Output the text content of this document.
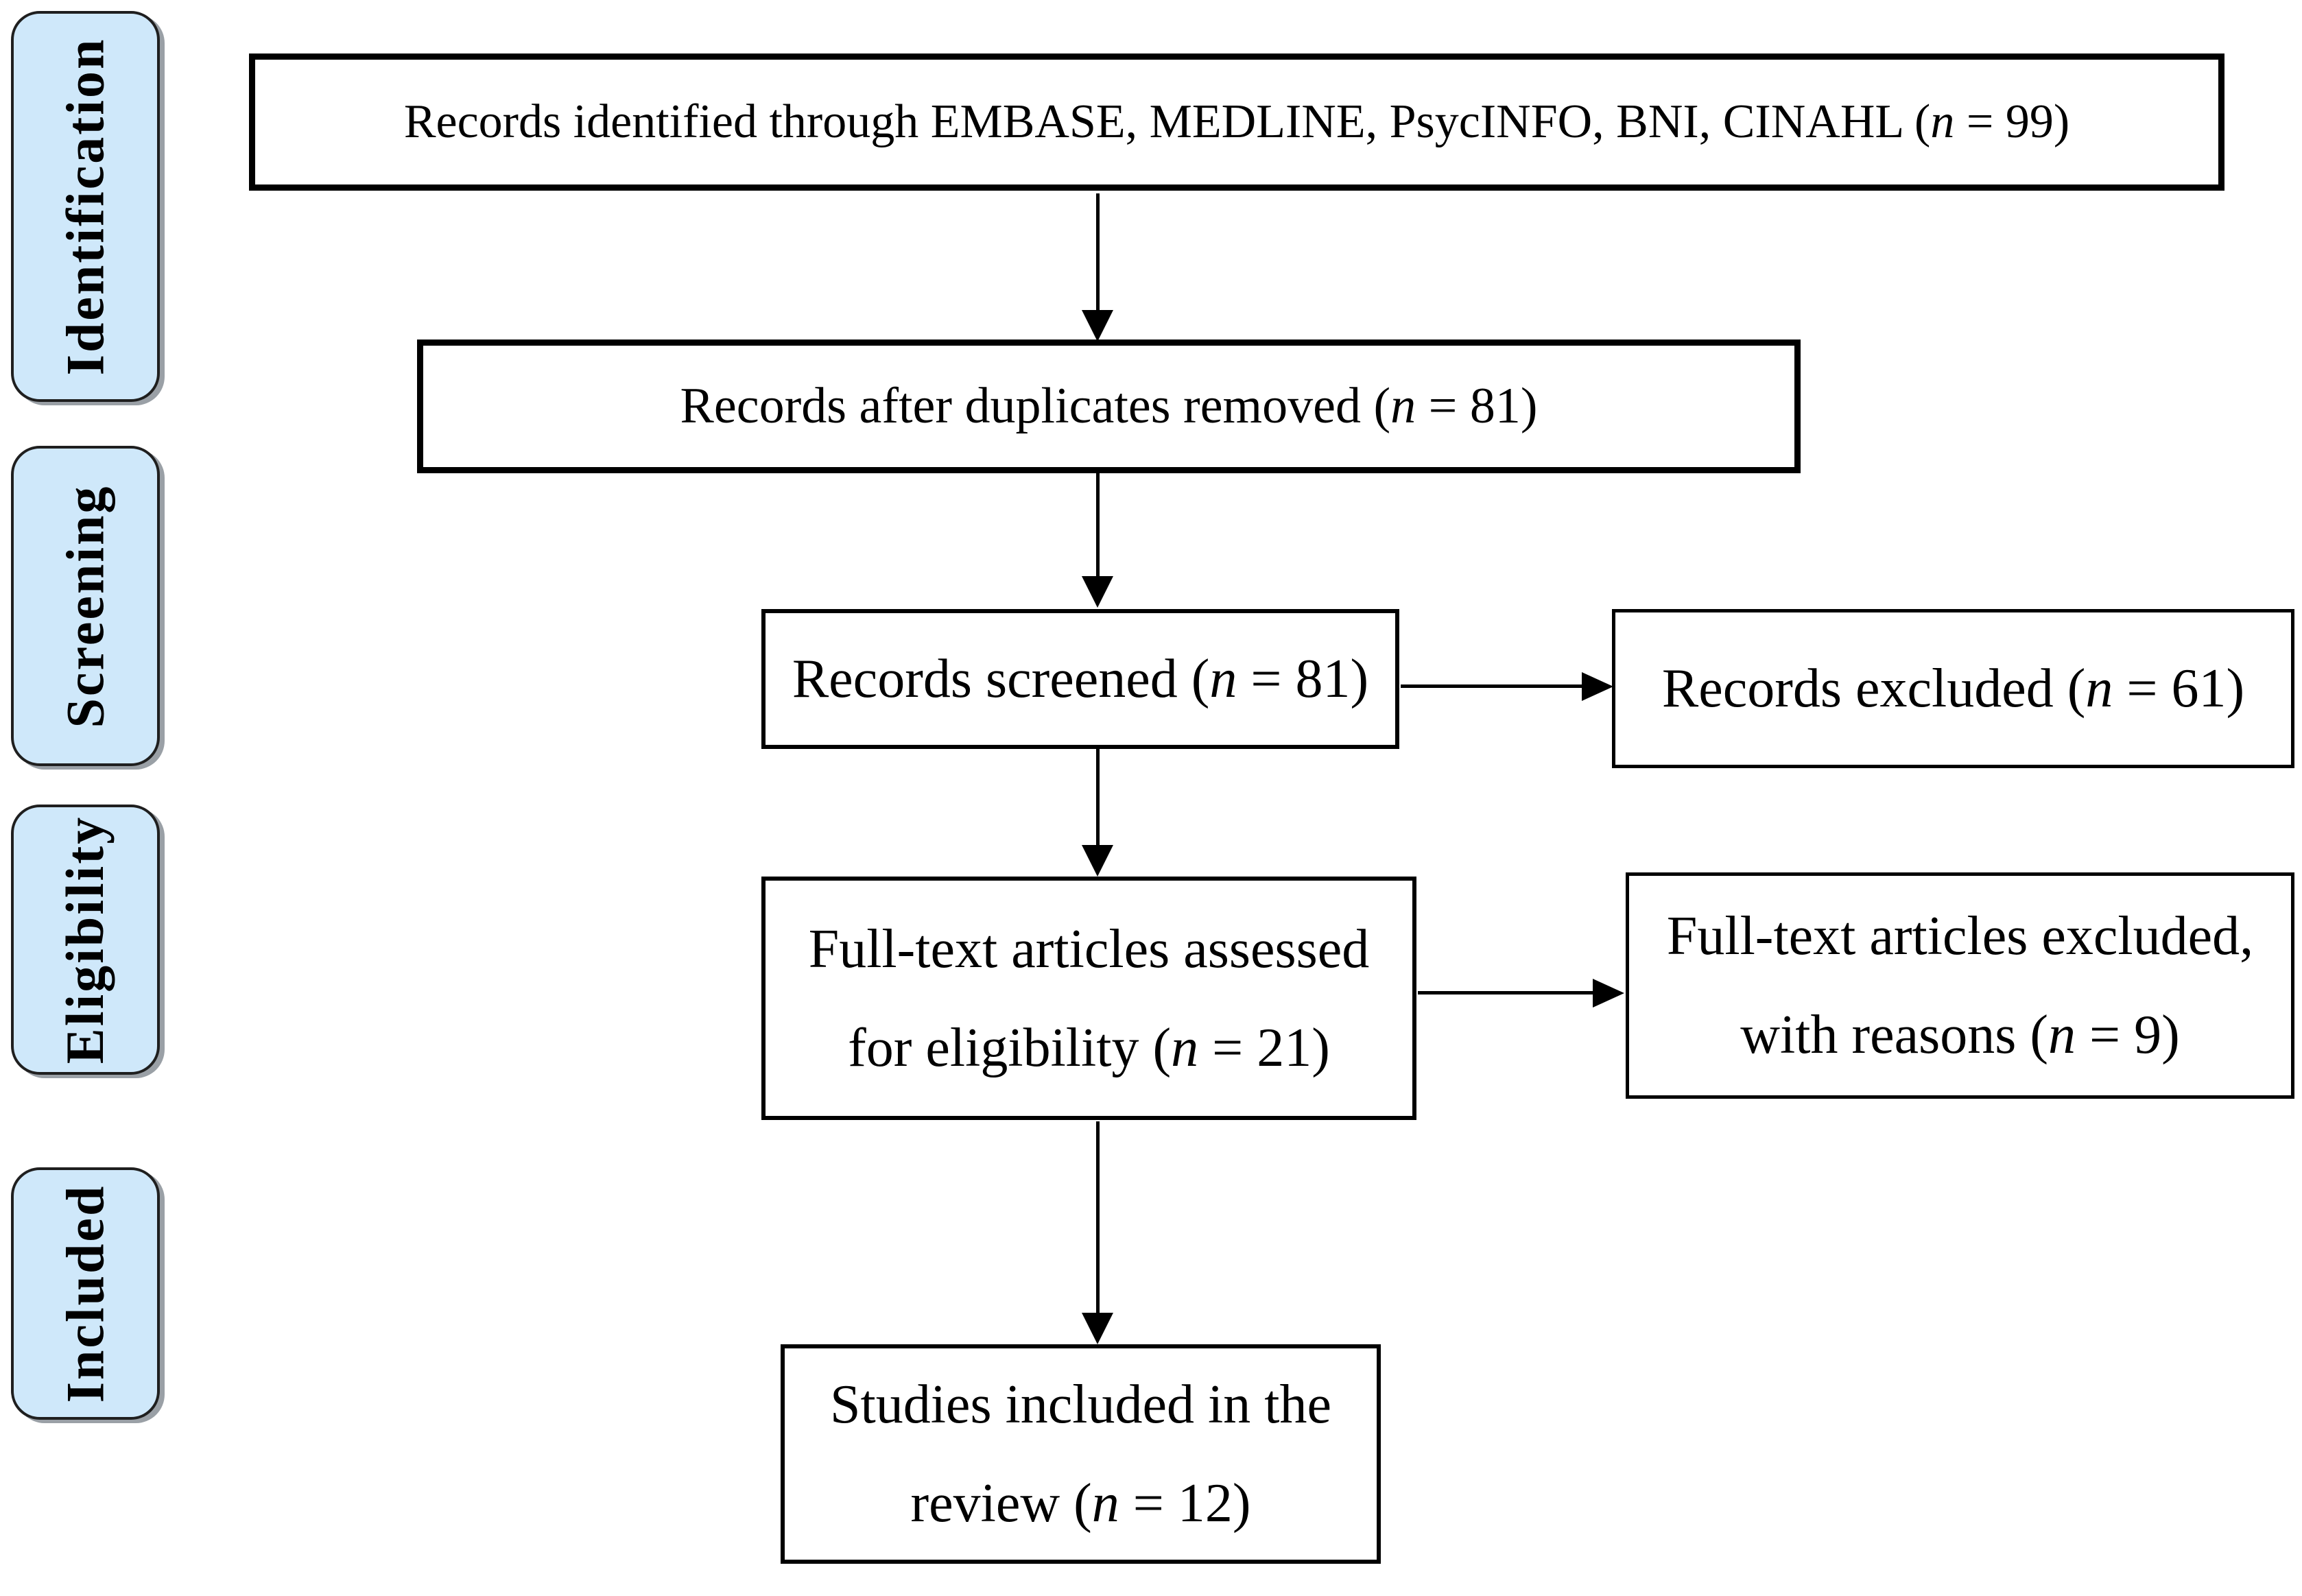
Identification
Screening
Eligibility
Included
Records identified through EMBASE, MEDLINE, PsycINFO, BNI, CINAHL (n = 99)
Records after duplicates removed (n = 81)
Records screened (n = 81)	Records excluded (n = 61)
Full-text articles assessed
for eligibility (n = 21)
Full-text articles excluded,
with reasons (n = 9)
Studies included in the
review (n = 12)
